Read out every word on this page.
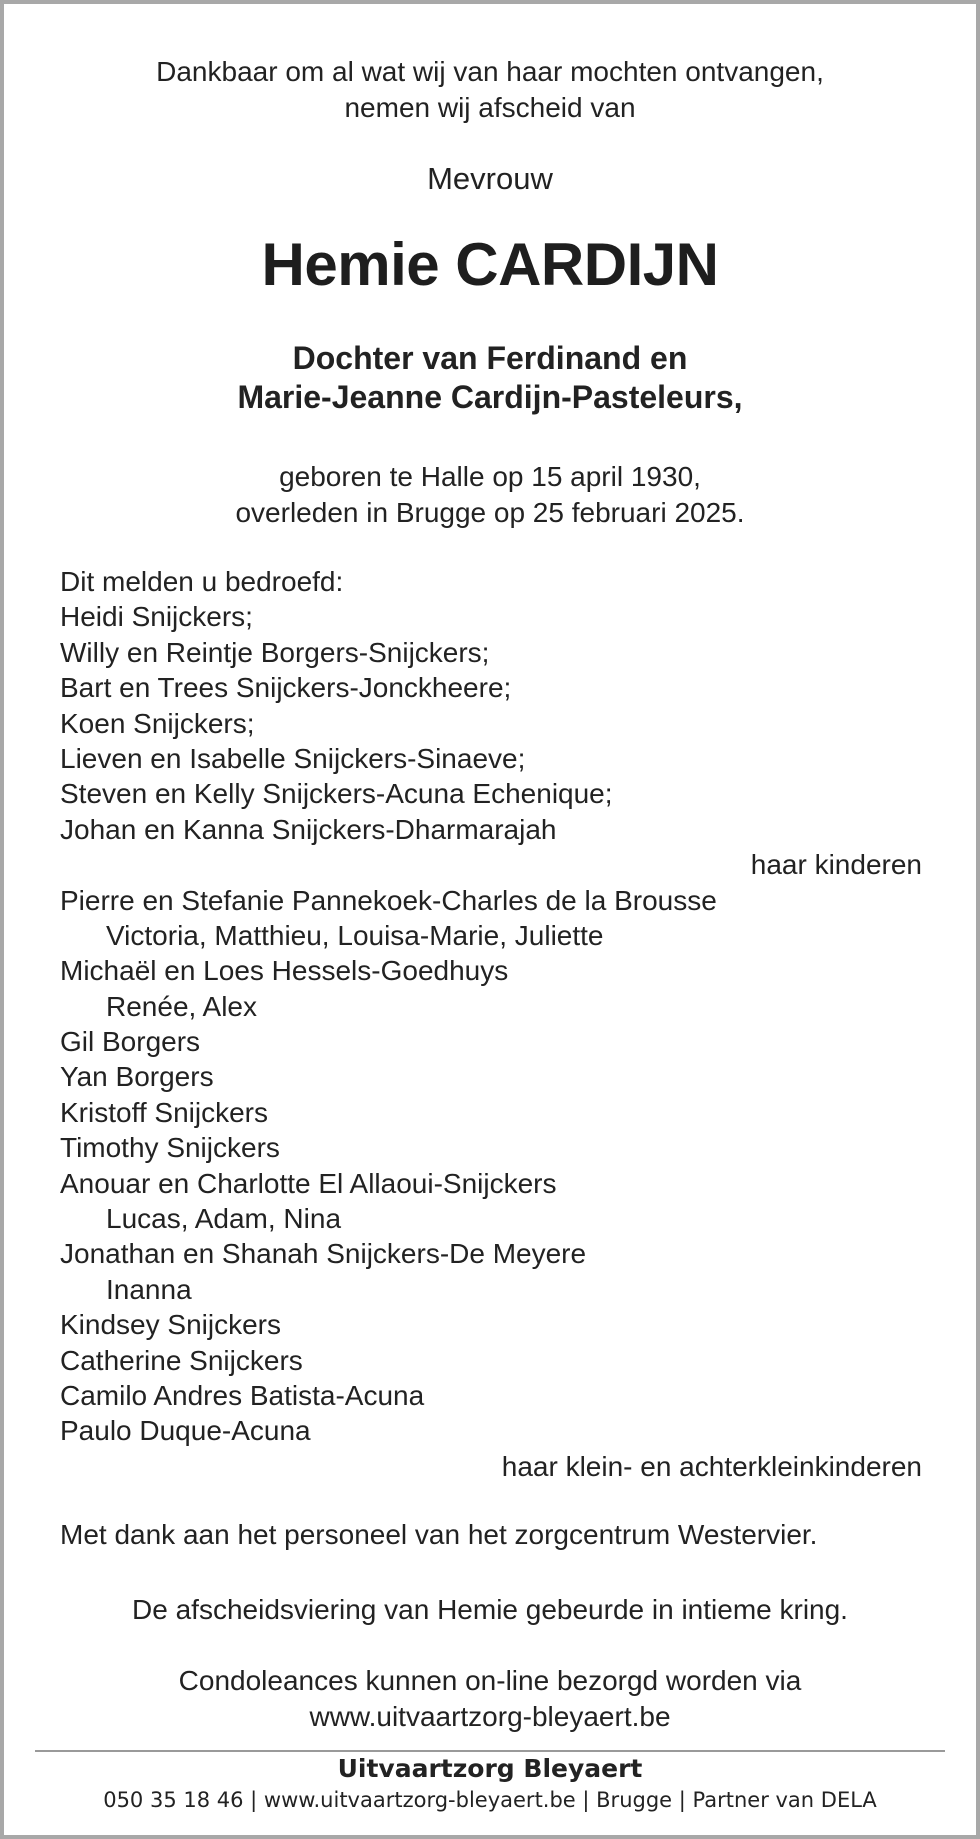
Dankbaar om al wat wij van haar mochten ontvangen,
nemen wij afscheid van
Mevrouw
Hemie CARDIJN
Dochter van Ferdinand en
Marie-Jeanne Cardijn-Pasteleurs,
geboren te Halle op 15 april 1930,
overleden in Brugge op 25 februari 2025.
Dit melden u bedroefd:
Heidi Snijckers;
Willy en Reintje Borgers-Snijckers;
Bart en Trees Snijckers-Jonckheere;
Koen Snijckers;
Lieven en Isabelle Snijckers-Sinaeve;
Steven en Kelly Snijckers-Acuna Echenique;
Johan en Kanna Snijckers-Dharmarajah
haar kinderen
Pierre en Stefanie Pannekoek-Charles de la Brousse
Victoria, Matthieu, Louisa-Marie, Juliette
Michaël en Loes Hessels-Goedhuys
Renée, Alex
Gil Borgers
Yan Borgers
Kristoff Snijckers
Timothy Snijckers
Anouar en Charlotte El Allaoui-Snijckers
Lucas, Adam, Nina
Jonathan en Shanah Snijckers-De Meyere
Inanna
Kindsey Snijckers
Catherine Snijckers
Camilo Andres Batista-Acuna
Paulo Duque-Acuna
haar klein- en achterkleinkinderen
Met dank aan het personeel van het zorgcentrum Westervier.
De afscheidsviering van Hemie gebeurde in intieme kring.
Condoleances kunnen on-line bezorgd worden via
www.uitvaartzorg-bleyaert.be
Uitvaartzorg Bleyaert
050 35 18 46 | www.uitvaartzorg-bleyaert.be | Brugge | Partner van DELA
